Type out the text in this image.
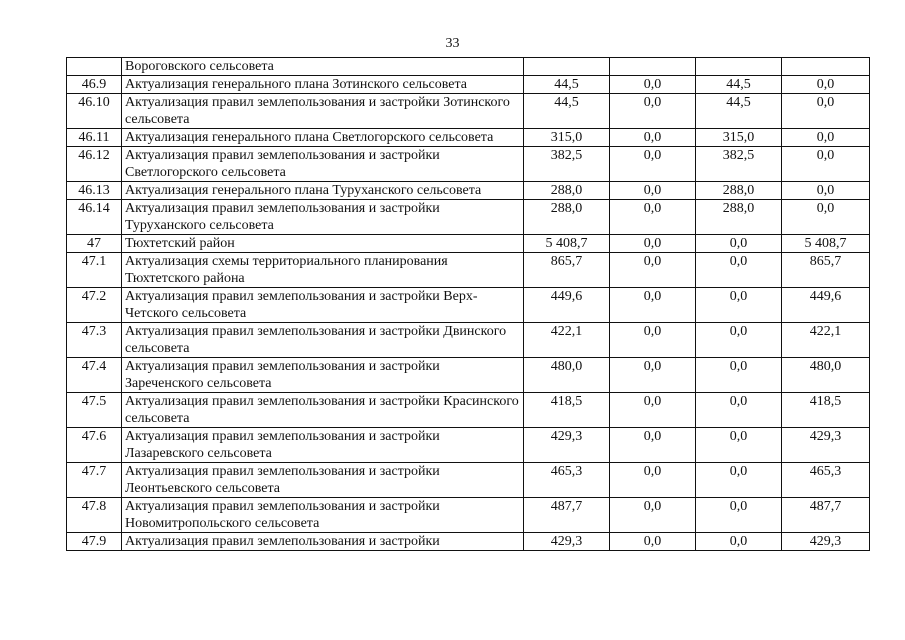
33
	Вороговского сельсовета				
46.9	Актуализация генерального плана Зотинского сельсовета	44,5	0,0	44,5	0,0
46.10	Актуализация правил землепользования и застройки Зотинского сельсовета	44,5	0,0	44,5	0,0
46.11	Актуализация генерального плана Светлогорского сельсовета	315,0	0,0	315,0	0,0
46.12	Актуализация правил землепользования и застройки Светлогорского сельсовета	382,5	0,0	382,5	0,0
46.13	Актуализация генерального плана Туруханского сельсовета	288,0	0,0	288,0	0,0
46.14	Актуализация правил землепользования и застройки Туруханского сельсовета	288,0	0,0	288,0	0,0
47	Тюхтетский район	5 408,7	0,0	0,0	5 408,7
47.1	Актуализация схемы территориального планирования Тюхтетского района	865,7	0,0	0,0	865,7
47.2	Актуализация правил землепользования и застройки Верх-Четского сельсовета	449,6	0,0	0,0	449,6
47.3	Актуализация правил землепользования и застройки Двинского сельсовета	422,1	0,0	0,0	422,1
47.4	Актуализация правил землепользования и застройки Зареченского сельсовета	480,0	0,0	0,0	480,0
47.5	Актуализация правил землепользования и застройки Красинского сельсовета	418,5	0,0	0,0	418,5
47.6	Актуализация правил землепользования и застройки Лазаревского сельсовета	429,3	0,0	0,0	429,3
47.7	Актуализация правил землепользования и застройки Леонтьевского сельсовета	465,3	0,0	0,0	465,3
47.8	Актуализация правил землепользования и застройки Новомитропольского сельсовета	487,7	0,0	0,0	487,7
47.9	Актуализация правил землепользования и застройки	429,3	0,0	0,0	429,3
